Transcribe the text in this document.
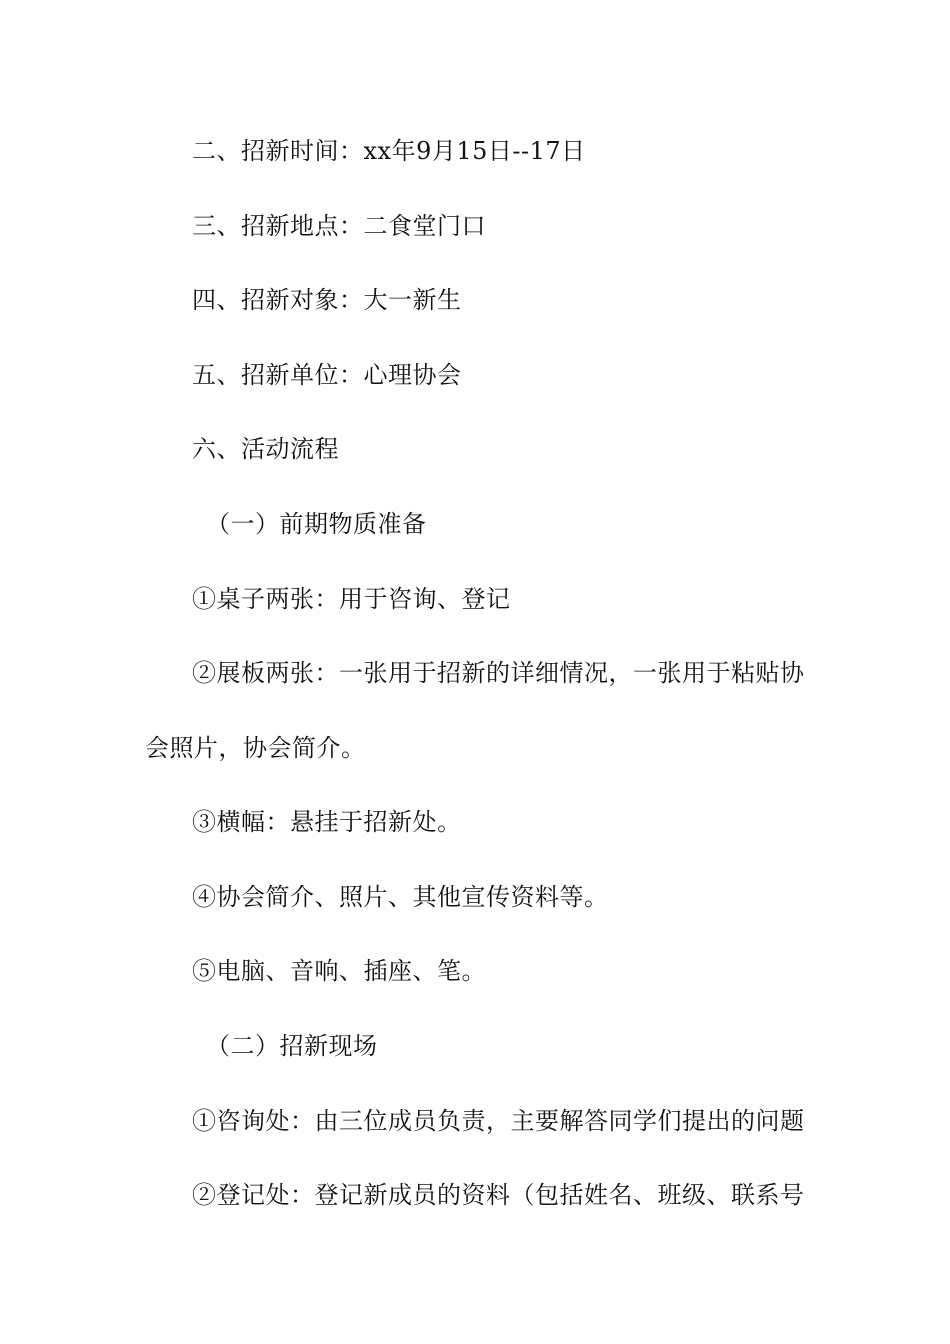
二、招新时间：xx年9月15日--17日
三、招新地点：二食堂门口
四、招新对象：大一新生
五、招新单位：心理协会
六、活动流程
（一）前期物质准备
①桌子两张：用于咨询、登记
②展板两张：一张用于招新的详细情况，一张用于粘贴协
会照片，协会简介。
③横幅：悬挂于招新处。
④协会简介、照片、其他宣传资料等。
⑤电脑、音响、插座、笔。
（二）招新现场
①咨询处：由三位成员负责，主要解答同学们提出的问题
②登记处：登记新成员的资料（包括姓名、班级、联系号
